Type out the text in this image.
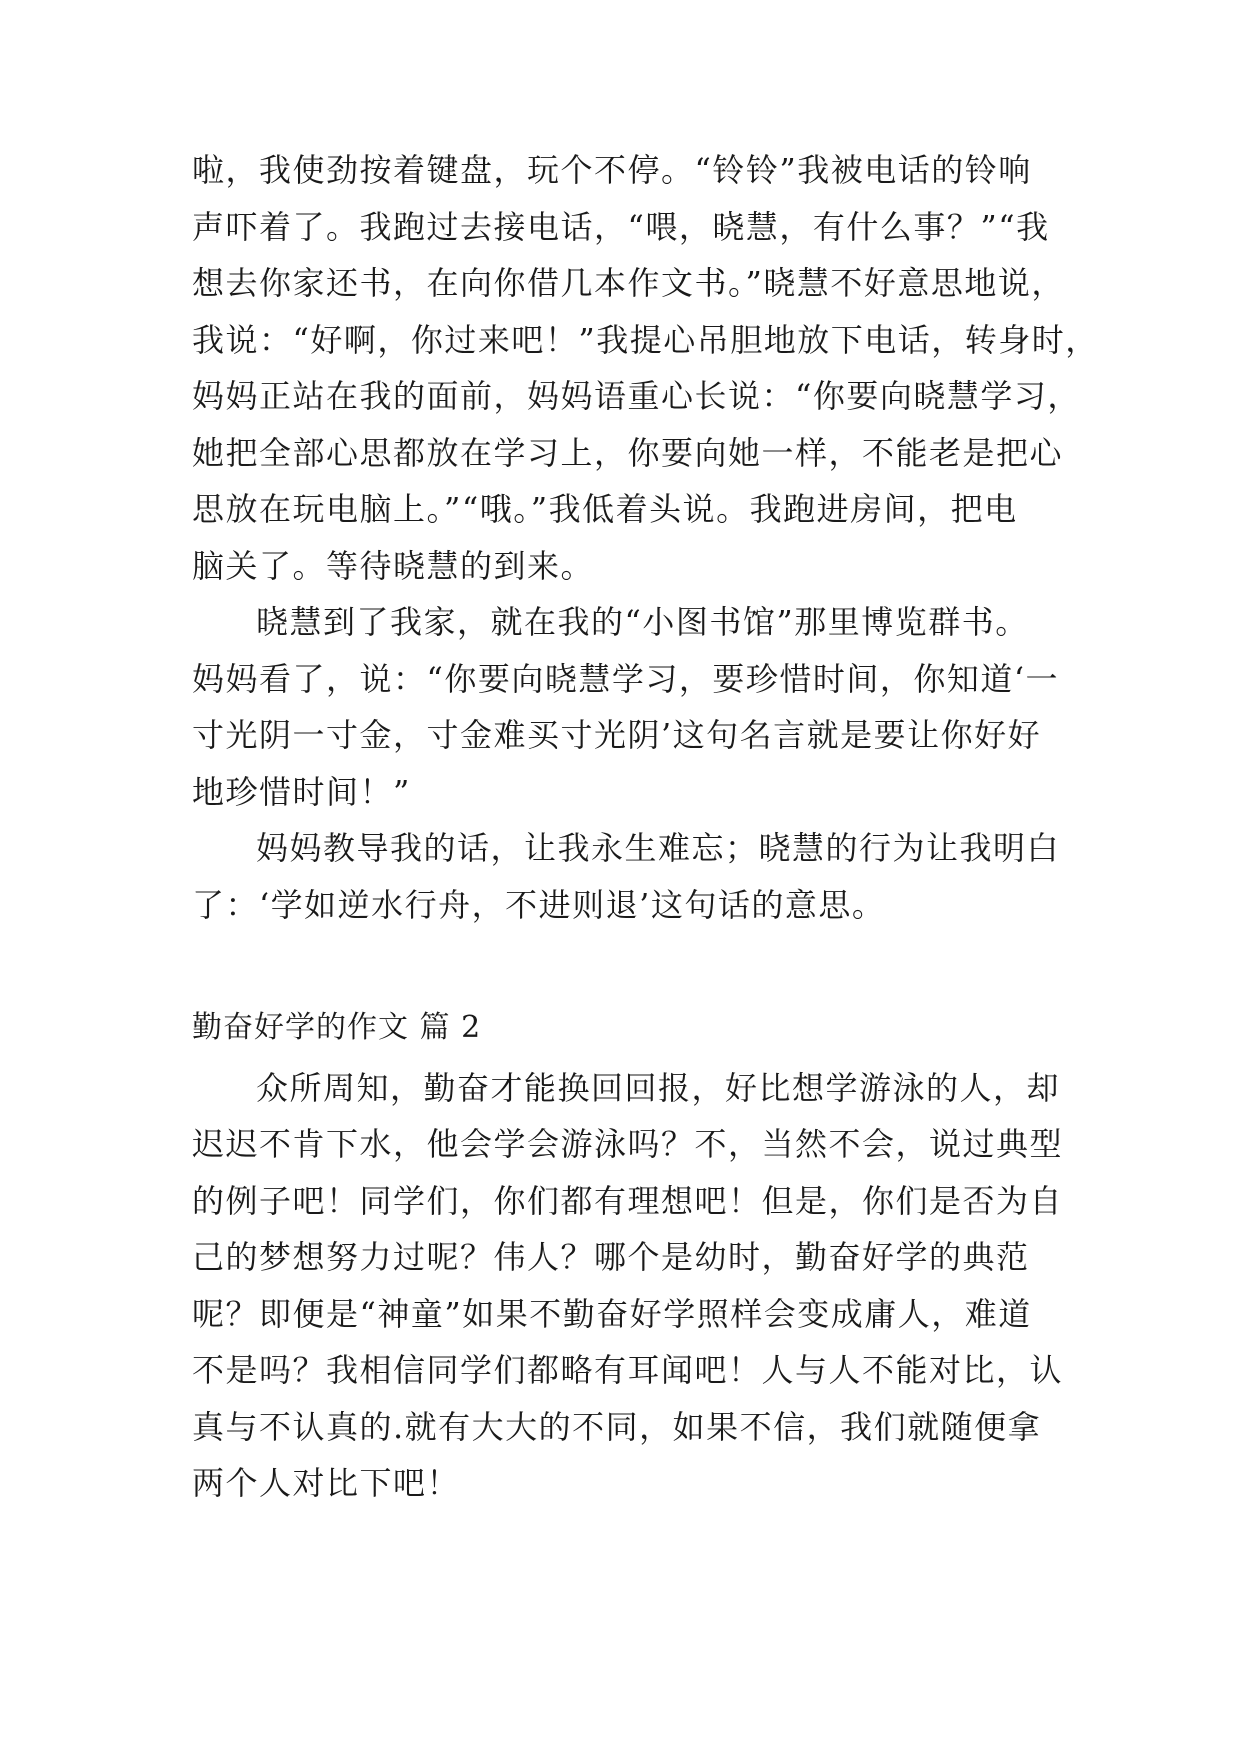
啦，我使劲按着键盘，玩个不停。“铃铃”我被电话的铃响
声吓着了。我跑过去接电话，“喂，晓慧，有什么事？”“我
想去你家还书，在向你借几本作文书。”晓慧不好意思地说，
我说：“好啊，你过来吧！”我提心吊胆地放下电话，转身时，
妈妈正站在我的面前，妈妈语重心长说：“你要向晓慧学习，
她把全部心思都放在学习上，你要向她一样，不能老是把心
思放在玩电脑上。”“哦。”我低着头说。我跑进房间，把电
脑关了。等待晓慧的到来。
晓慧到了我家，就在我的“小图书馆”那里博览群书。
妈妈看了，说：“你要向晓慧学习，要珍惜时间，你知道‘一
寸光阴一寸金，寸金难买寸光阴’这句名言就是要让你好好
地珍惜时间！”
妈妈教导我的话，让我永生难忘；晓慧的行为让我明白
了：‘学如逆水行舟，不进则退’这句话的意思。
勤奋好学的作文 篇 2
众所周知，勤奋才能换回回报，好比想学游泳的人，却
迟迟不肯下水，他会学会游泳吗？不，当然不会，说过典型
的例子吧！同学们，你们都有理想吧！但是，你们是否为自
己的梦想努力过呢？伟人？哪个是幼时，勤奋好学的典范
呢？即便是“神童”如果不勤奋好学照样会变成庸人，难道
不是吗？我相信同学们都略有耳闻吧！人与人不能对比，认
真与不认真的.就有大大的不同，如果不信，我们就随便拿
两个人对比下吧！
